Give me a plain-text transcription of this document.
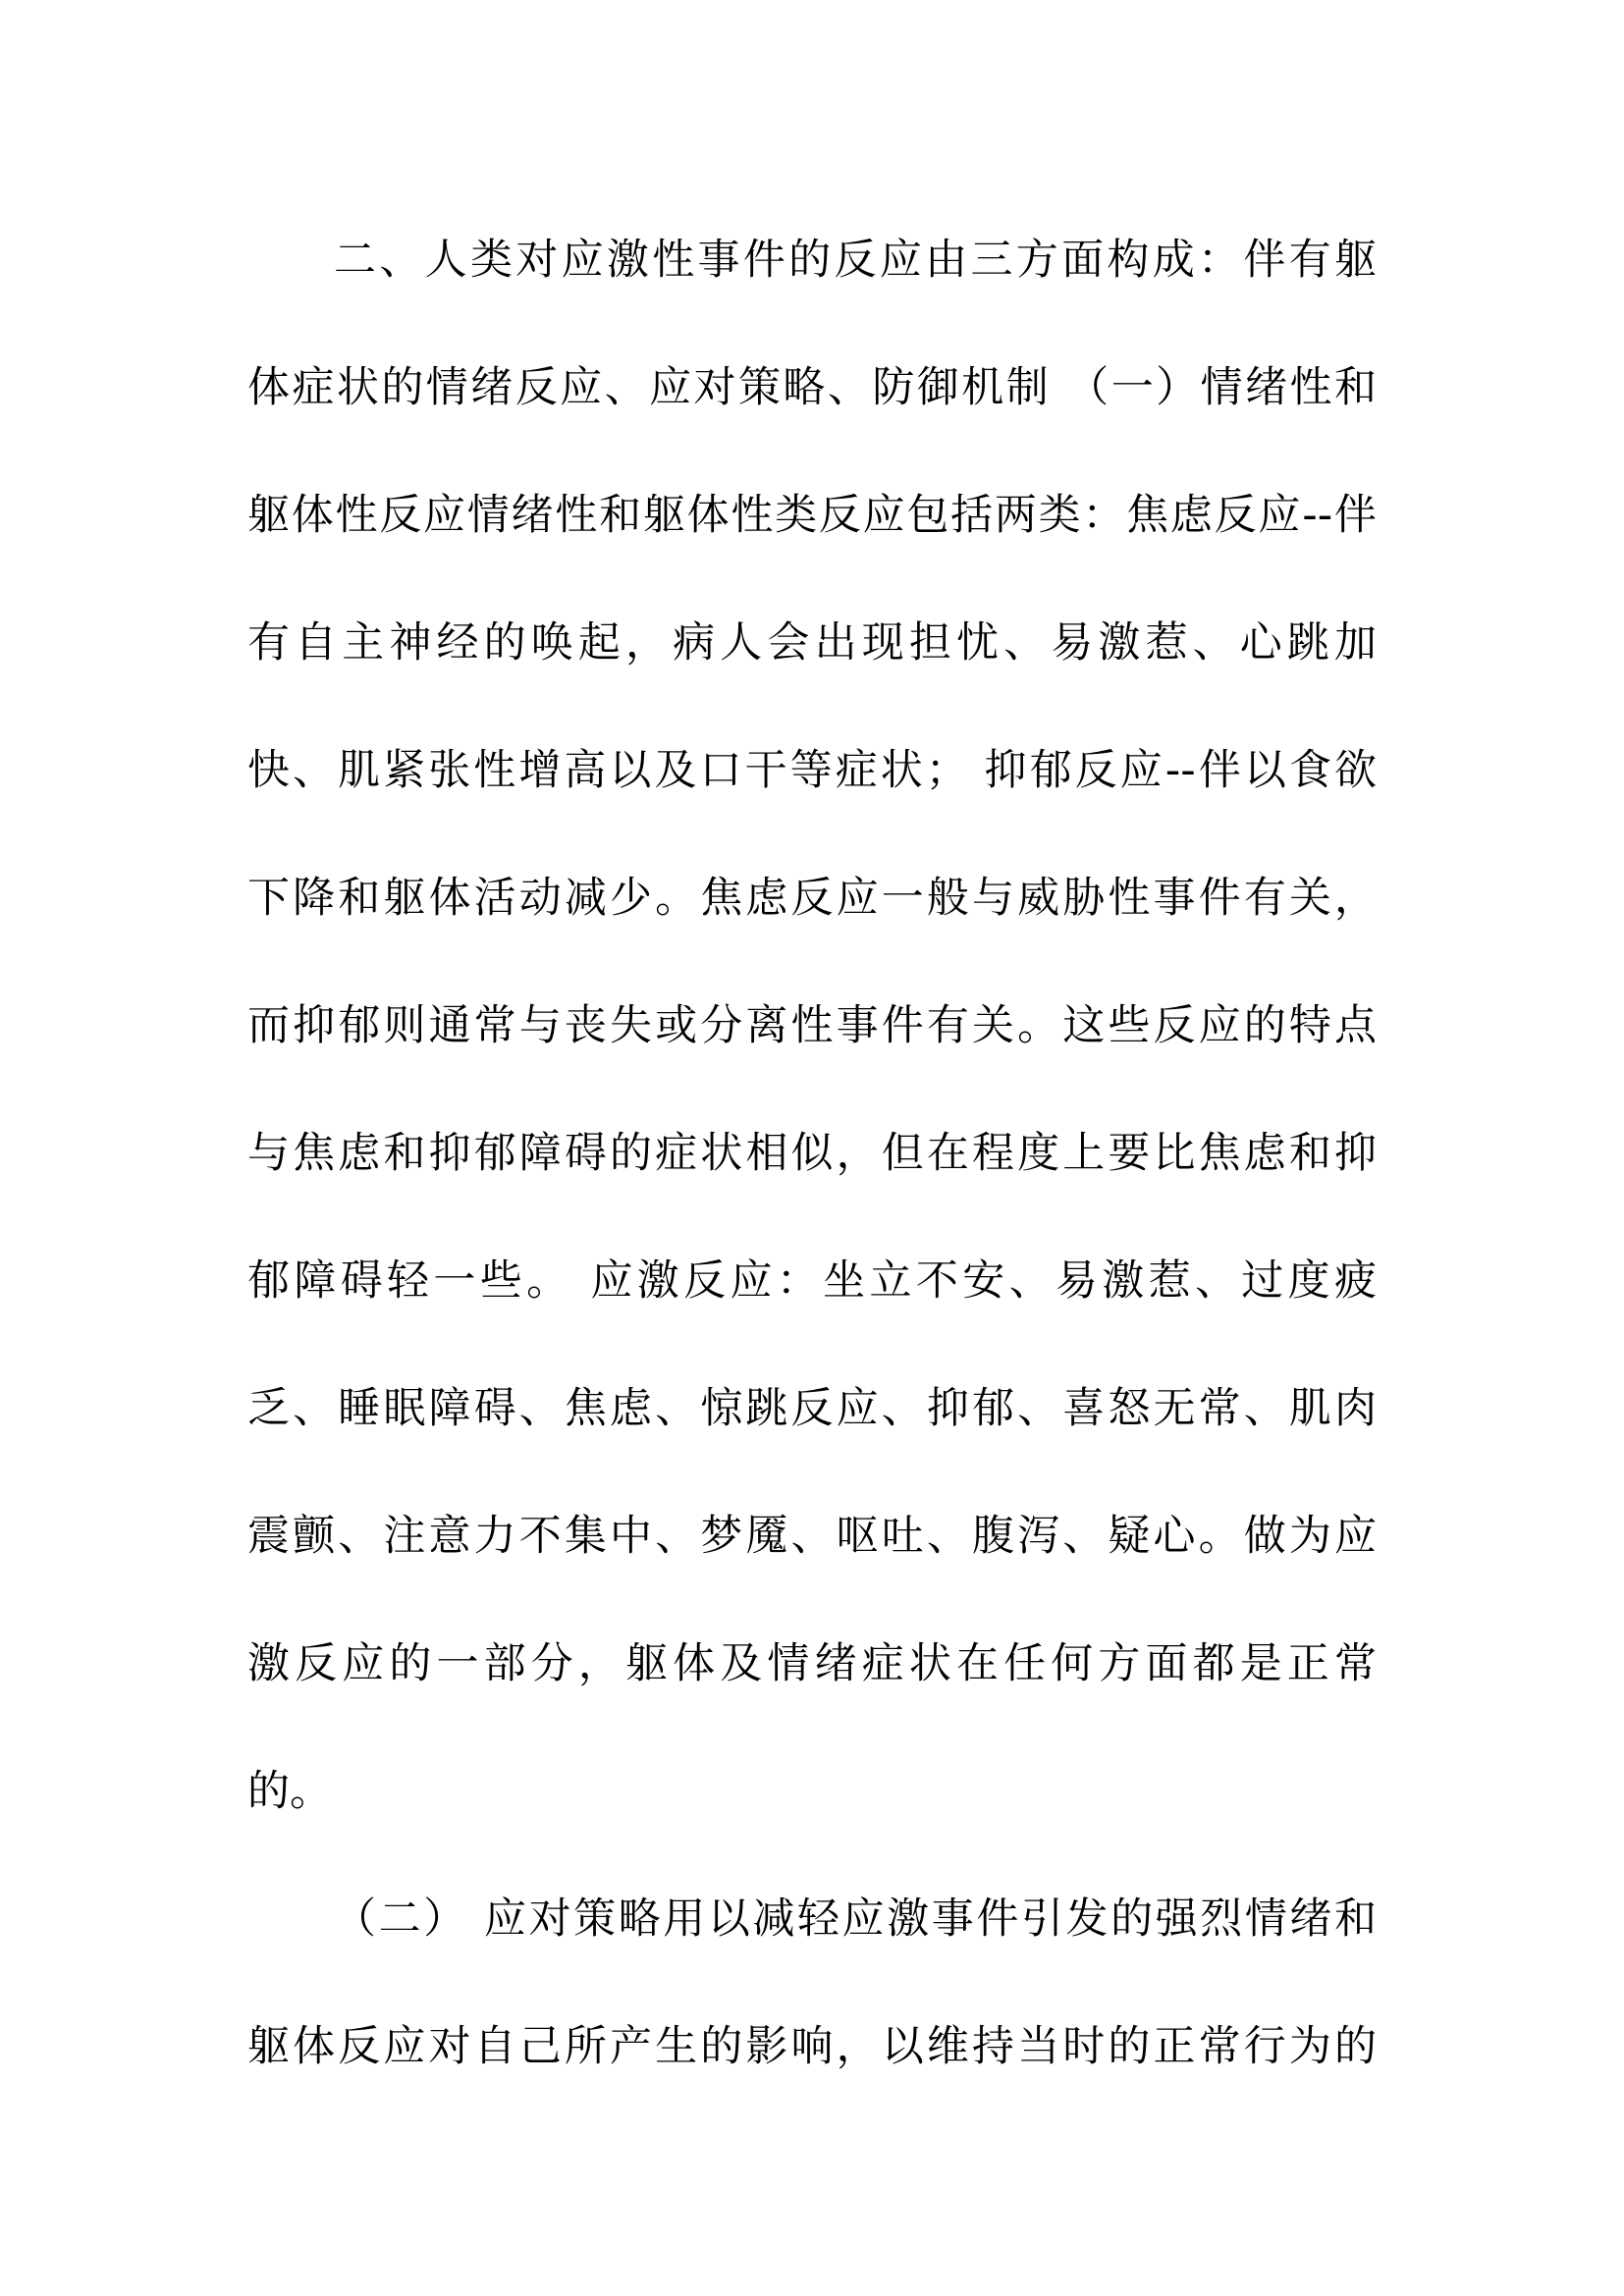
二、人类对应激性事件的反应由三方面构成：伴有躯
体症状的情绪反应、应对策略、防御机制 （一）情绪性和
躯体性反应情绪性和躯体性类反应包括两类：焦虑反应--伴
有自主神经的唤起，病人会出现担忧、易激惹、心跳加
快、肌紧张性增高以及口干等症状； 抑郁反应--伴以食欲
下降和躯体活动减少。焦虑反应一般与威胁性事件有关，
而抑郁则通常与丧失或分离性事件有关。这些反应的特点
与焦虑和抑郁障碍的症状相似，但在程度上要比焦虑和抑
郁障碍轻一些。 应激反应：坐立不安、易激惹、过度疲
乏、睡眠障碍、焦虑、惊跳反应、抑郁、喜怒无常、肌肉
震颤、注意力不集中、梦魇、呕吐、腹泻、疑心。做为应
激反应的一部分，躯体及情绪症状在任何方面都是正常
的。
（二） 应对策略用以减轻应激事件引发的强烈情绪和
躯体反应对自己所产生的影响，以维持当时的正常行为的
